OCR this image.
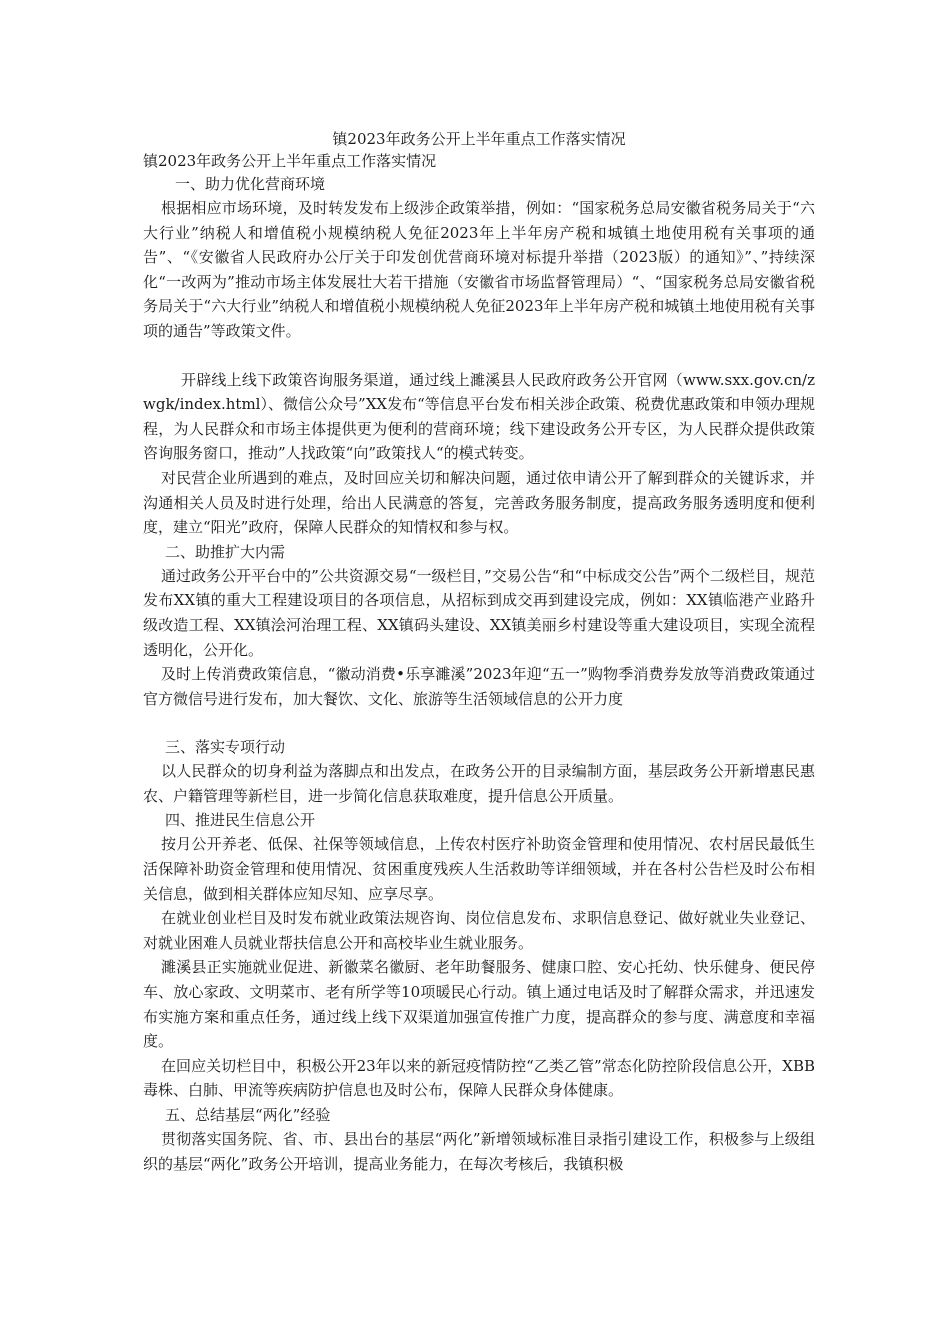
镇2023年政务公开上半年重点工作落实情况

镇2023年政务公开上半年重点工作落实情况

一、助力优化营商环境

根据相应市场环境，及时转发发布上级涉企政策举措，例如：“国家税务总局安徽省税务局关于“六大行业”纳税人和增值税小规模纳税人免征2023年上半年房产税和城镇土地使用税有关事项的通告”、“《安徽省人民政府办公厅关于印发创优营商环境对标提升举措（2023版）的通知》”、”持续深化“一改两为”推动市场主体发展壮大若干措施（安徽省市场监督管理局）“、“国家税务总局安徽省税务局关于“六大行业”纳税人和增值税小规模纳税人免征2023年上半年房产税和城镇土地使用税有关事项的通告”等政策文件。

开辟线上线下政策咨询服务渠道，通过线上濉溪县人民政府政务公开官网（www.sxx.gov.cn/zwgk/index.html）、微信公众号”XX发布“等信息平台发布相关涉企政策、税费优惠政策和申领办理规程，为人民群众和市场主体提供更为便利的营商环境；线下建设政务公开专区，为人民群众提供政策咨询服务窗口，推动”人找政策“向”政策找人“的模式转变。

对民营企业所遇到的难点，及时回应关切和解决问题，通过依申请公开了解到群众的关键诉求，并沟通相关人员及时进行处理，给出人民满意的答复，完善政务服务制度，提高政务服务透明度和便利度，建立“阳光”政府，保障人民群众的知情权和参与权。

二、助推扩大内需

通过政务公开平台中的”公共资源交易“一级栏目，”交易公告“和“中标成交公告”两个二级栏目，规范发布XX镇的重大工程建设项目的各项信息，从招标到成交再到建设完成，例如：XX镇临港产业路升级改造工程、XX镇浍河治理工程、XX镇码头建设、XX镇美丽乡村建设等重大建设项目，实现全流程透明化，公开化。

及时上传消费政策信息，“徽动消费•乐享濉溪”2023年迎“五一”购物季消费券发放等消费政策通过官方微信号进行发布，加大餐饮、文化、旅游等生活领域信息的公开力度

三、落实专项行动

以人民群众的切身利益为落脚点和出发点，在政务公开的目录编制方面，基层政务公开新增惠民惠农、户籍管理等新栏目，进一步简化信息获取难度，提升信息公开质量。

四、推进民生信息公开

按月公开养老、低保、社保等领域信息，上传农村医疗补助资金管理和使用情况、农村居民最低生活保障补助资金管理和使用情况、贫困重度残疾人生活救助等详细领域，并在各村公告栏及时公布相关信息，做到相关群体应知尽知、应享尽享。

在就业创业栏目及时发布就业政策法规咨询、岗位信息发布、求职信息登记、做好就业失业登记、对就业困难人员就业帮扶信息公开和高校毕业生就业服务。

濉溪县正实施就业促进、新徽菜名徽厨、老年助餐服务、健康口腔、安心托幼、快乐健身、便民停车、放心家政、文明菜市、老有所学等10项暖民心行动。镇上通过电话及时了解群众需求，并迅速发布实施方案和重点任务，通过线上线下双渠道加强宣传推广力度，提高群众的参与度、满意度和幸福度。

在回应关切栏目中，积极公开23年以来的新冠疫情防控“乙类乙管”常态化防控阶段信息公开，XBB毒株、白肺、甲流等疾病防护信息也及时公布，保障人民群众身体健康。

五、总结基层“两化”经验

贯彻落实国务院、省、市、县出台的基层“两化”新增领域标准目录指引建设工作，积极参与上级组织的基层“两化”政务公开培训，提高业务能力，在每次考核后，我镇积极
